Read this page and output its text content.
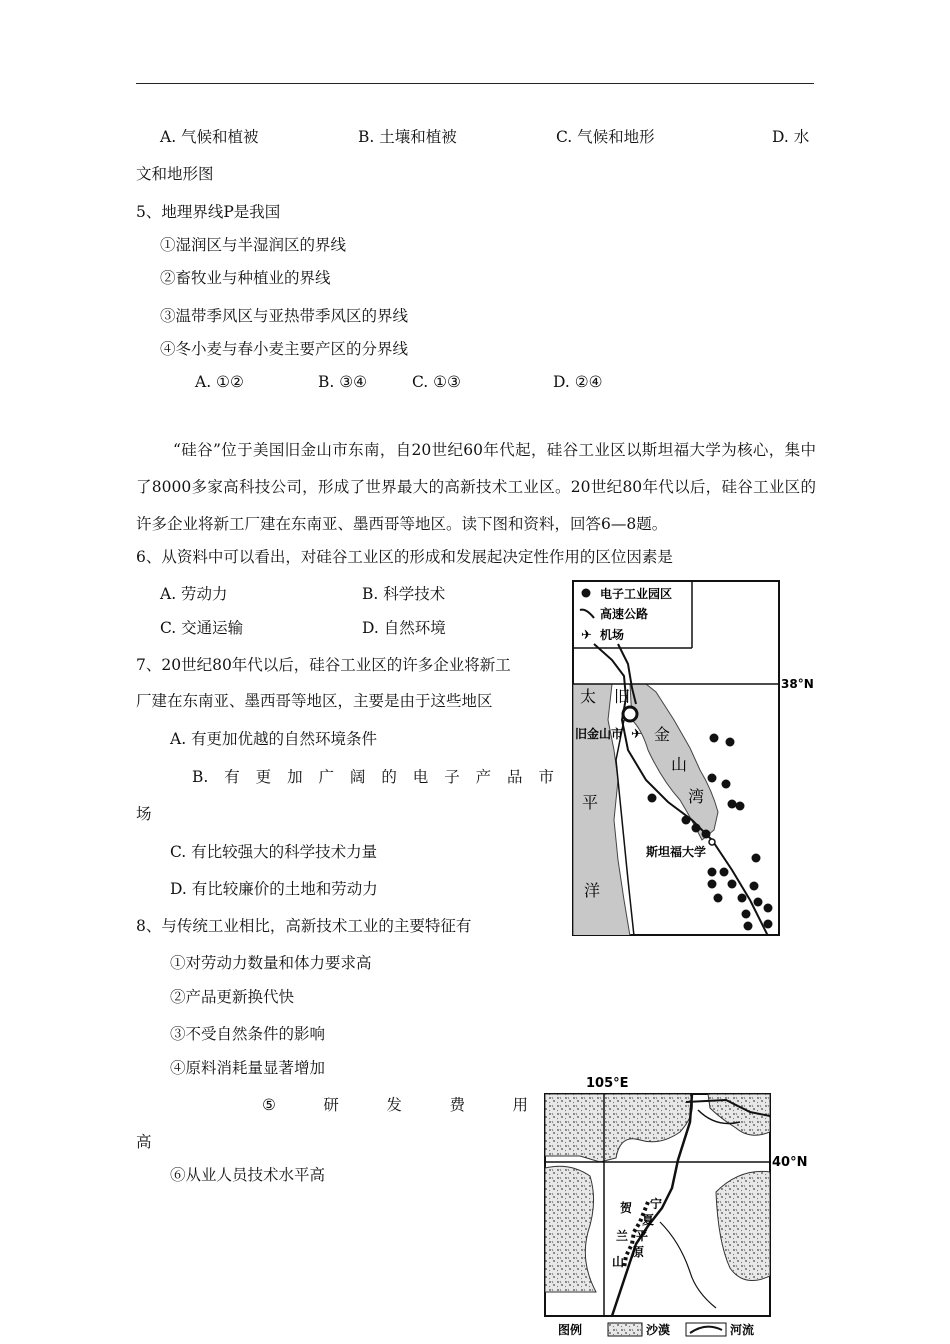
A. 气候和植被	B. 土壤和植被	C. 气候和地形	D. 水
文和地形图
5、地理界线P是我国
①湿润区与半湿润区的界线
②畜牧业与种植业的界线
③温带季风区与亚热带季风区的界线
④冬小麦与春小麦主要产区的分界线
A. ①②	B. ③④	C. ①③	D. ②④
“硅谷”位于美国旧金山市东南，自20世纪60年代起，硅谷工业区以斯坦福大学为核心，集中了8000多家高科技公司，形成了世界最大的高新技术工业区。20世纪80年代以后，硅谷工业区的许多企业将新工厂建在东南亚、墨西哥等地区。读下图和资料，回答6—8题。
6、从资料中可以看出，对硅谷工业区的形成和发展起决定性作用的区位因素是
A. 劳动力	B. 科学技术
C. 交通运输	D. 自然环境
7、20世纪80年代以后，硅谷工业区的许多企业将新工
厂建在东南亚、墨西哥等地区，主要是由于这些地区
A. 有更加优越的自然环境条件
B. 有 更 加 广 阔 的 电 子 产 品 市
场
C. 有比较强大的科学技术力量
D. 有比较廉价的土地和劳动力
8、与传统工业相比，高新技术工业的主要特征有
①对劳动力数量和体力要求高
②产品更新换代快
③不受自然条件的影响
④原料消耗量显著增加
⑤	研	发	费	用
高
⑥从业人员技术水平高
电子工业园区
高速公路
✈ 机场
38°N
太
平
洋
旧
金
山
湾
旧金山市 ✈
斯坦福大学
105°E
40°N
贺
兰
山
宁
夏
平
原
图例	沙漠	河流
